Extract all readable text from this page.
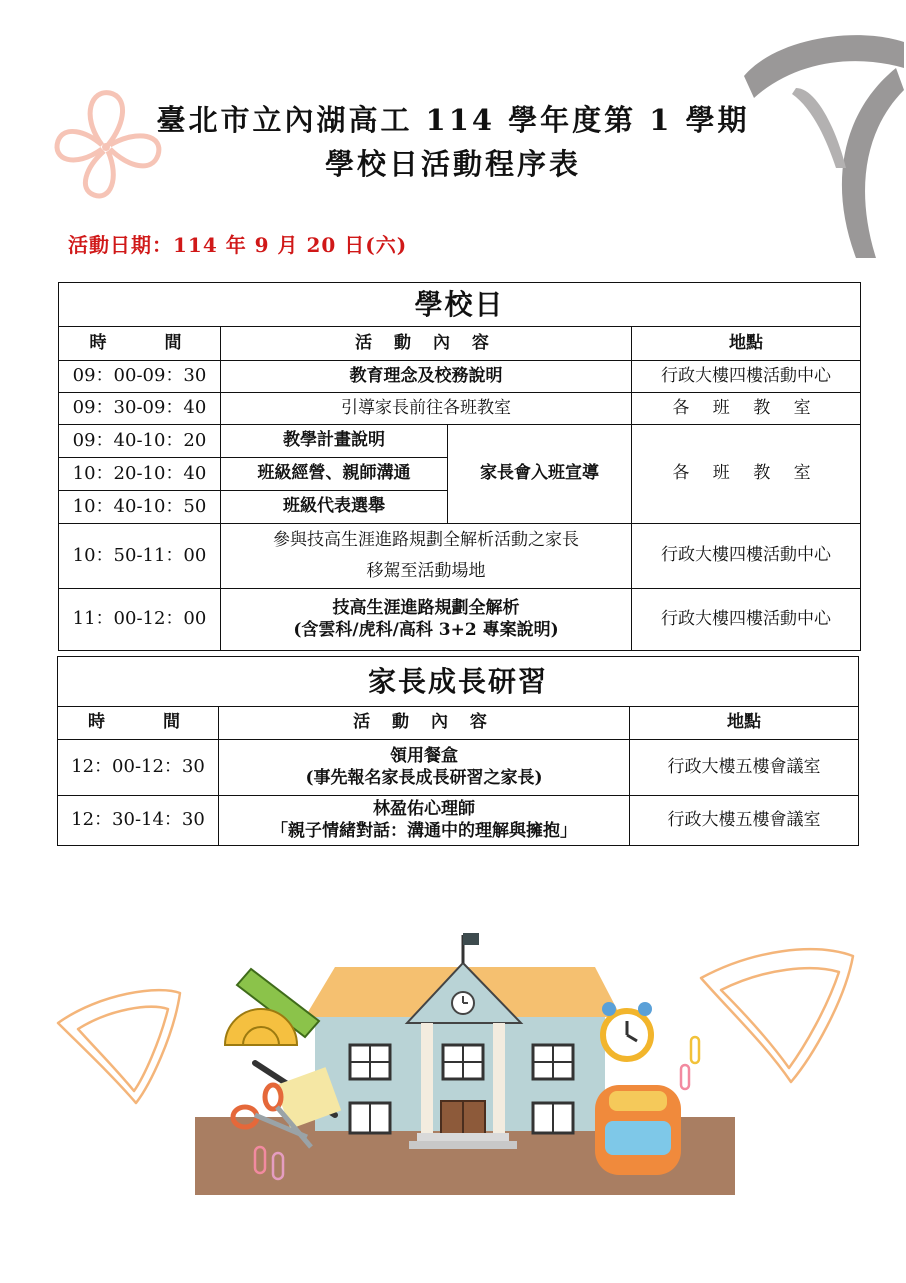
臺北市立內湖高工 114 學年度第 1 學期
學校日活動程序表
活動日期：114 年 9 月 20 日(六)
學校日			
時　　間	活 動 內 容		地點
09：00-09：30	教育理念及校務說明		行政大樓四樓活動中心
09：30-09：40	引導家長前往各班教室		各 班 教 室
09：40-10：20	教學計畫說明	家長會入班宣導	各 班 教 室
10：20-10：40	班級經營、親師溝通		
10：40-10：50	班級代表選舉		
10：50-11：00	參與技高生涯進路規劃全解析活動之家長
移駕至活動場地		行政大樓四樓活動中心
11：00-12：00	技高生涯進路規劃全解析
(含雲科/虎科/高科 3+2 專案說明)		行政大樓四樓活動中心
家長成長研習		
時　　間	活 動 內 容	地點
12：00-12：30	領用餐盒
(事先報名家長成長研習之家長)	行政大樓五樓會議室
12：30-14：30	林盈佑心理師
「親子情緒對話：溝通中的理解與擁抱」	行政大樓五樓會議室
